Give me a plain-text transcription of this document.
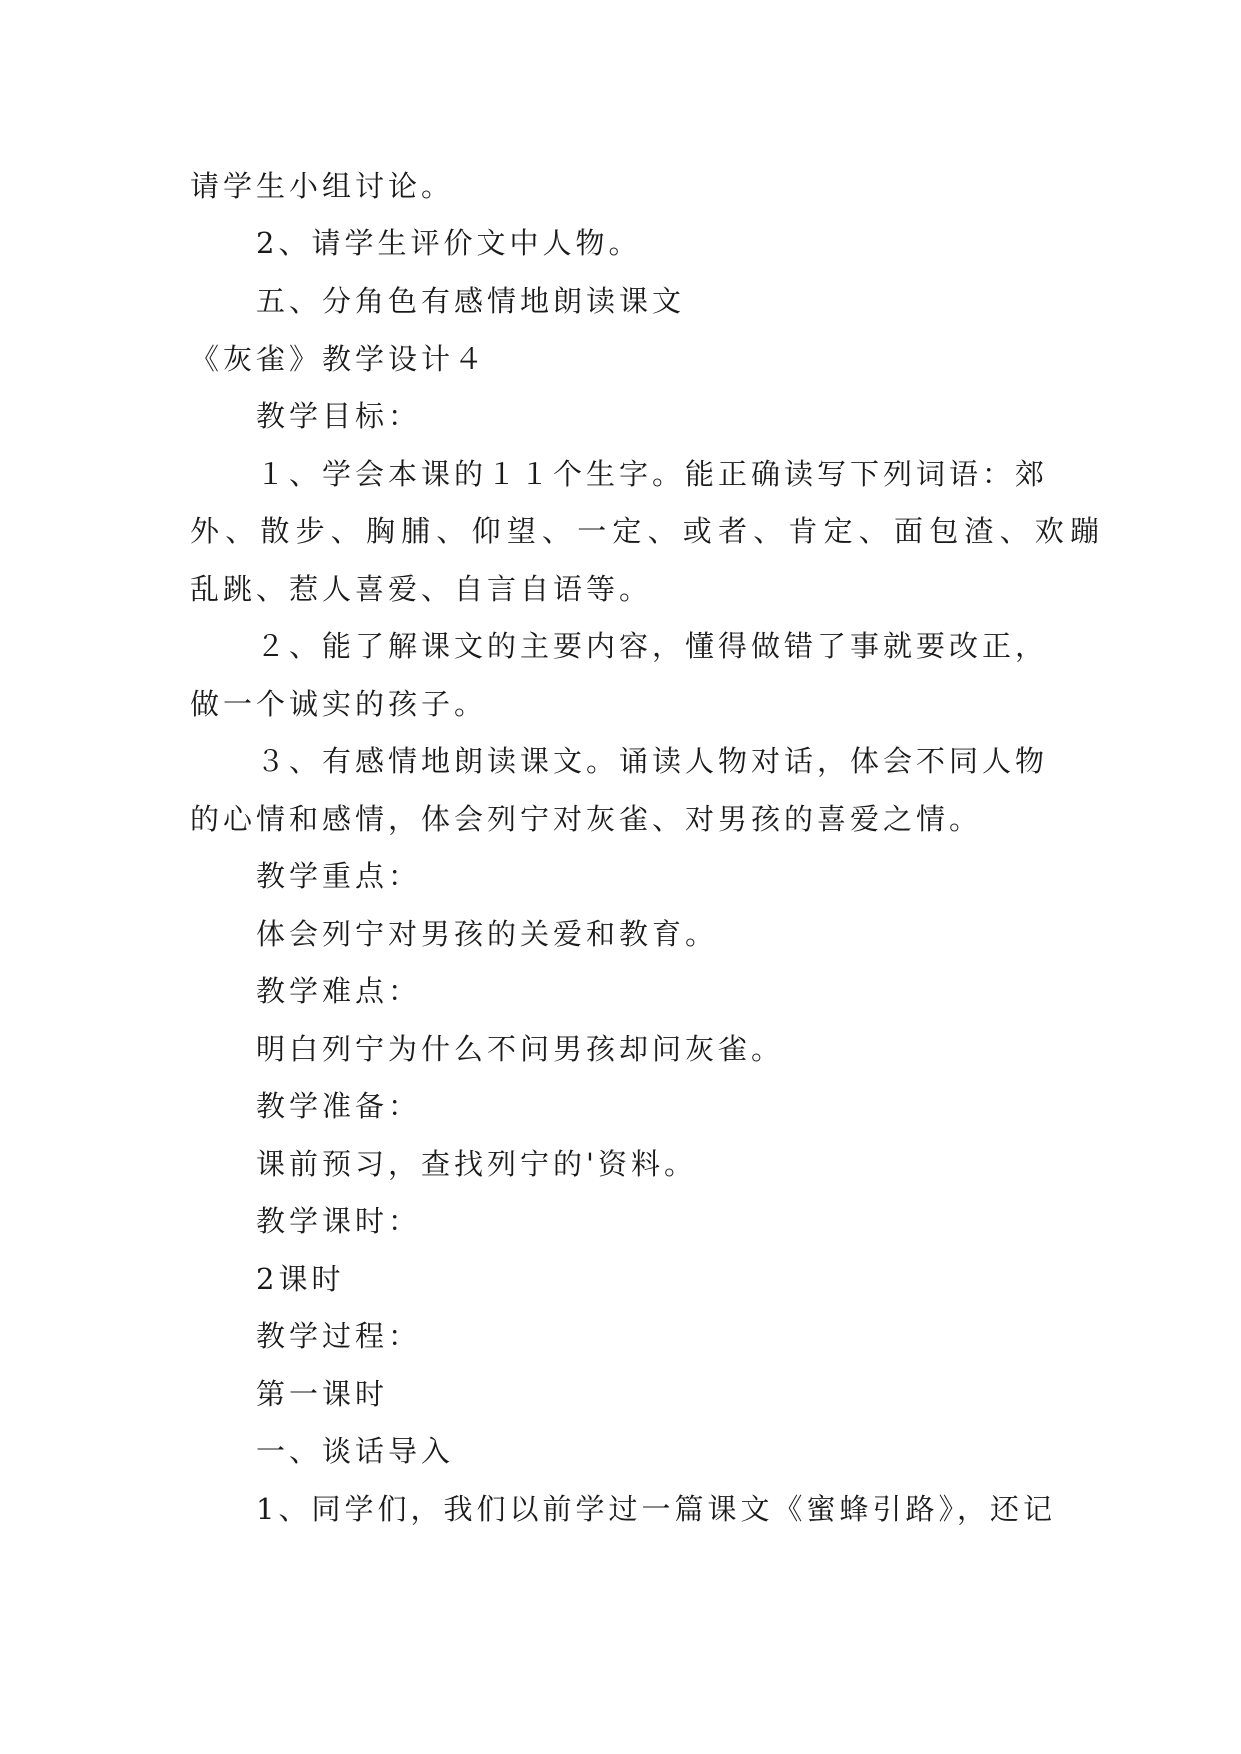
请学生小组讨论。
2、请学生评价文中人物。
五、分角色有感情地朗读课文
《灰雀》教学设计４
教学目标：
１、学会本课的１１个生字。能正确读写下列词语：郊
外、散步、胸脯、仰望、一定、或者、肯定、面包渣、欢蹦
乱跳、惹人喜爱、自言自语等。
２、能了解课文的主要内容，懂得做错了事就要改正，
做一个诚实的孩子。
３、有感情地朗读课文。诵读人物对话，体会不同人物
的心情和感情，体会列宁对灰雀、对男孩的喜爱之情。
教学重点：
体会列宁对男孩的关爱和教育。
教学难点：
明白列宁为什么不问男孩却问灰雀。
教学准备：
课前预习，查找列宁的'资料。
教学课时：
2课时
教学过程：
第一课时
一、谈话导入
1、同学们，我们以前学过一篇课文《蜜蜂引路》，还记
